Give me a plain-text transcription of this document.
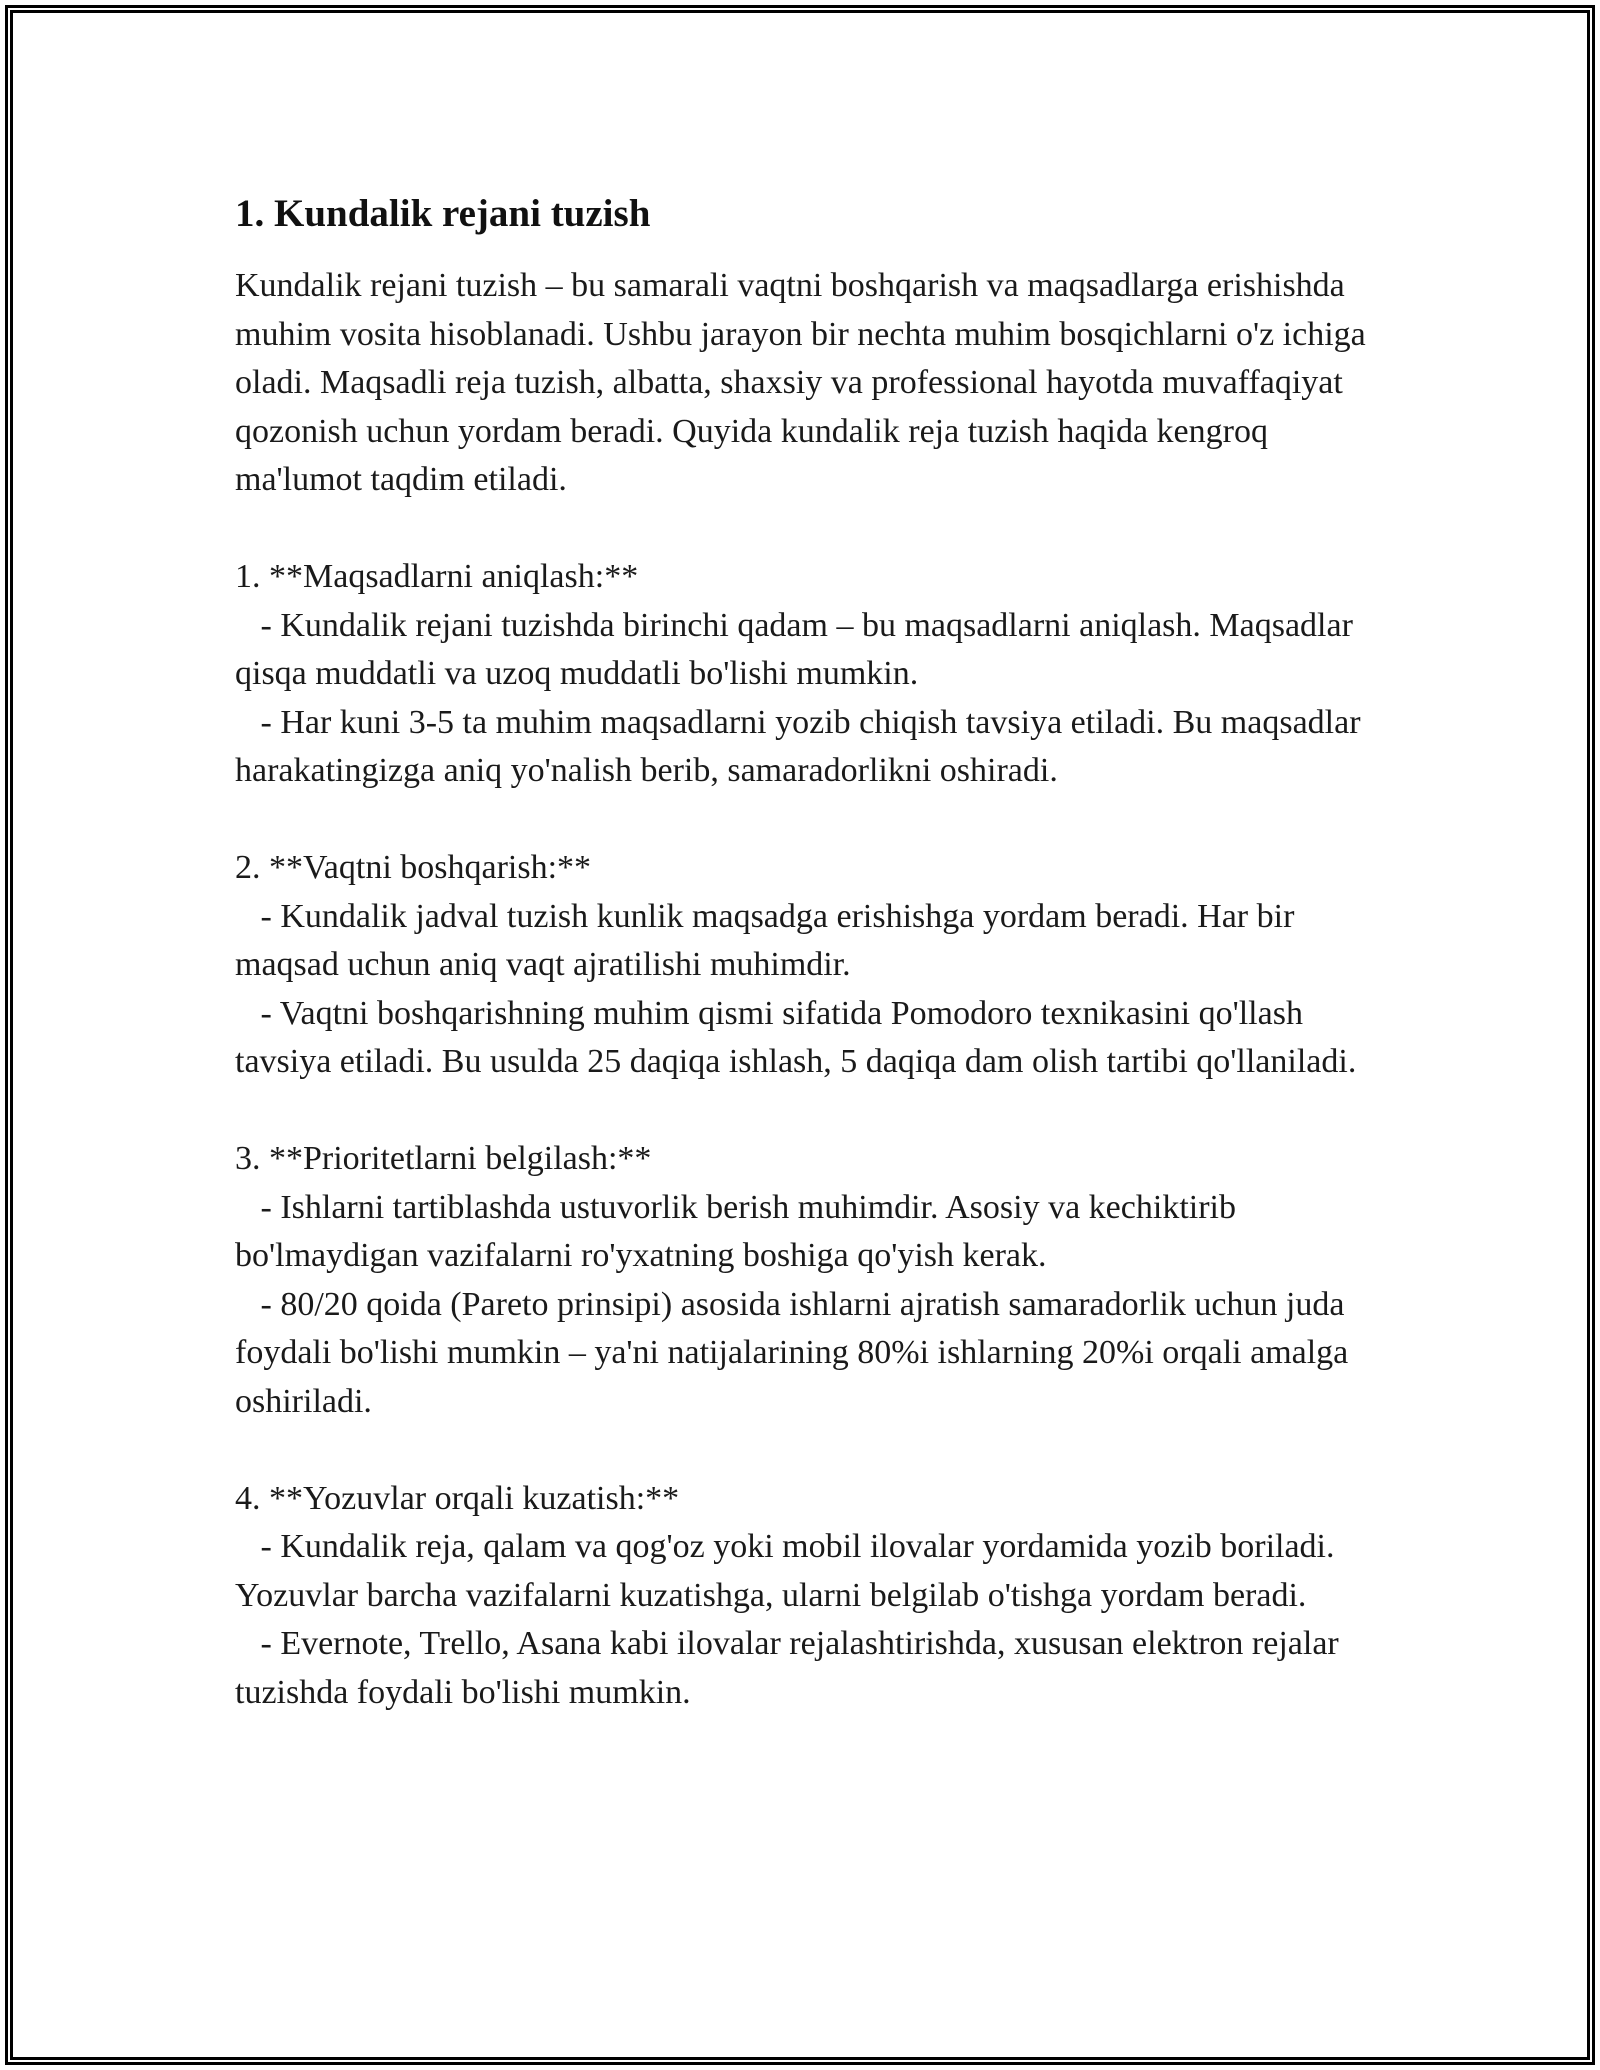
1. Kundalik rejani tuzish

Kundalik rejani tuzish – bu samarali vaqtni boshqarish va maqsadlarga erishishda muhim vosita hisoblanadi. Ushbu jarayon bir nechta muhim bosqichlarni o'z ichiga oladi. Maqsadli reja tuzish, albatta, shaxsiy va professional hayotda muvaffaqiyat qozonish uchun yordam beradi. Quyida kundalik reja tuzish haqida kengroq ma'lumot taqdim etiladi.

1. **Maqsadlarni aniqlash:**

- Kundalik rejani tuzishda birinchi qadam – bu maqsadlarni aniqlash. Maqsadlar qisqa muddatli va uzoq muddatli bo'lishi mumkin.

- Har kuni 3-5 ta muhim maqsadlarni yozib chiqish tavsiya etiladi. Bu maqsadlar harakatingizga aniq yo'nalish berib, samaradorlikni oshiradi.

2. **Vaqtni boshqarish:**

- Kundalik jadval tuzish kunlik maqsadga erishishga yordam beradi. Har bir maqsad uchun aniq vaqt ajratilishi muhimdir.

- Vaqtni boshqarishning muhim qismi sifatida Pomodoro texnikasini qo'llash tavsiya etiladi. Bu usulda 25 daqiqa ishlash, 5 daqiqa dam olish tartibi qo'llaniladi.

3. **Prioritetlarni belgilash:**

- Ishlarni tartiblashda ustuvorlik berish muhimdir. Asosiy va kechiktirib bo'lmaydigan vazifalarni ro'yxatning boshiga qo'yish kerak.

- 80/20 qoida (Pareto prinsipi) asosida ishlarni ajratish samaradorlik uchun juda foydali bo'lishi mumkin – ya'ni natijalarining 80%i ishlarning 20%i orqali amalga oshiriladi.

4. **Yozuvlar orqali kuzatish:**

- Kundalik reja, qalam va qog'oz yoki mobil ilovalar yordamida yozib boriladi. Yozuvlar barcha vazifalarni kuzatishga, ularni belgilab o'tishga yordam beradi.

- Evernote, Trello, Asana kabi ilovalar rejalashtirishda, xususan elektron rejalar tuzishda foydali bo'lishi mumkin.
